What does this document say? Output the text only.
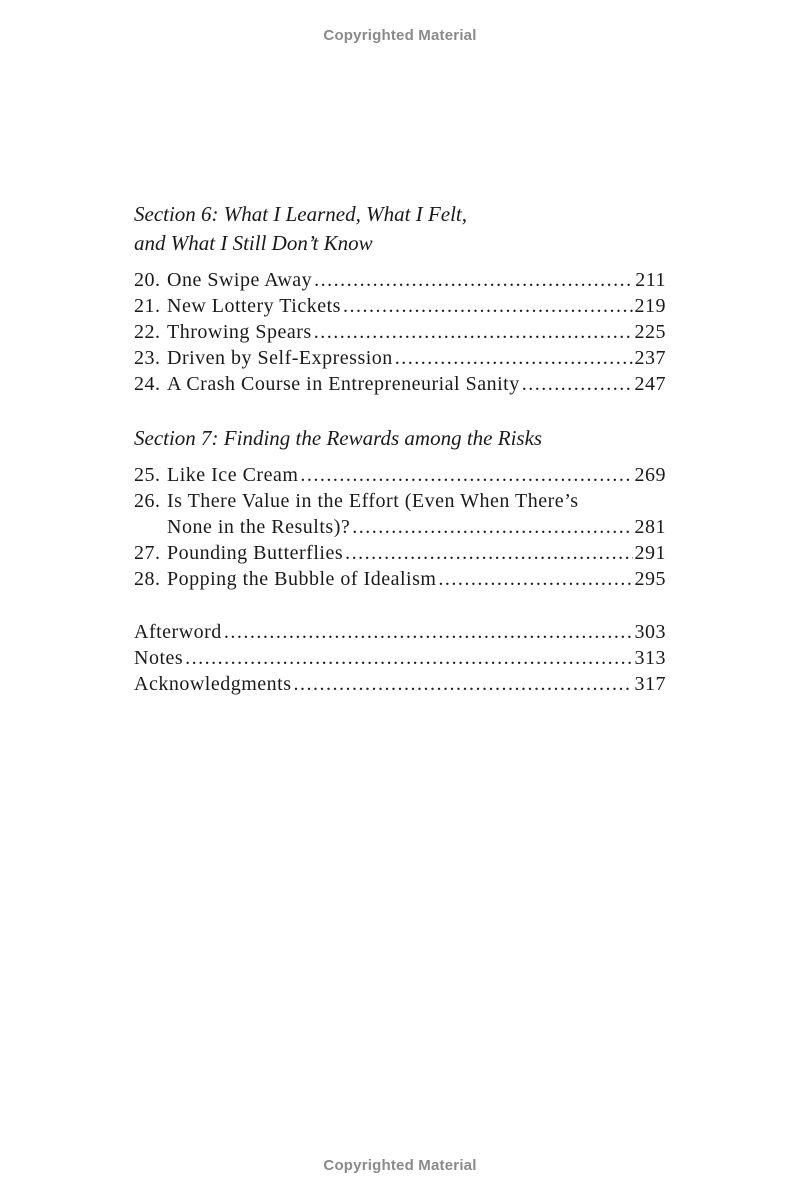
Copyrighted Material
Section 6: What I Learned, What I Felt,
and What I Still Don’t Know
20. One Swipe Away .....	211
21. New Lottery Tickets .....	219
22. Throwing Spears .....	225
23. Driven by Self-Expression .....	237
24. A Crash Course in Entrepreneurial Sanity .....	247
Section 7: Finding the Rewards among the Risks
25. Like Ice Cream .....	269
26. Is There Value in the Effort (Even When There’s
None in the Results)? .....	281
27. Pounding Butterflies .....	291
28. Popping the Bubble of Idealism .....	295
Afterword .....	303
Notes .....	313
Acknowledgments .....	317
Copyrighted Material
